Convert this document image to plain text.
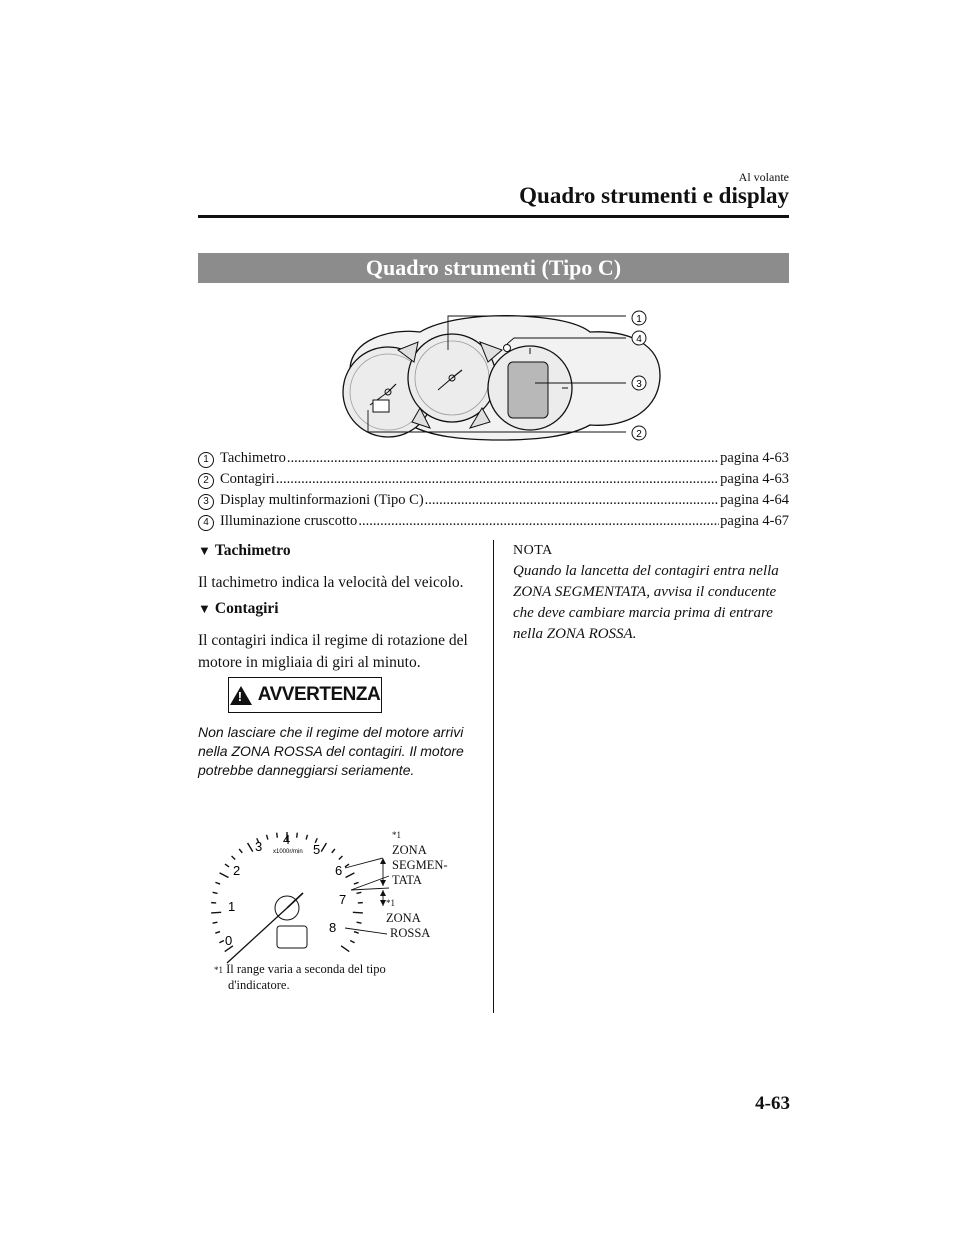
Al volante
Quadro strumenti e display
Quadro strumenti (Tipo C)
1
4
3
2
1 Tachimetro .....	pagina 4-63
2 Contagiri .....	pagina 4-63
3 Display multinformazioni (Tipo C) .....	pagina 4-64
4 Illuminazione cruscotto .....	pagina 4-67
▼ Tachimetro
Il tachimetro indica la velocità del veicolo.
▼ Contagiri
Il contagiri indica il regime di rotazione del motore in migliaia di giri al minuto.
! AVVERTENZA
Non lasciare che il regime del motore arrivi nella ZONA ROSSA del contagiri. Il motore potrebbe danneggiarsi seriamente.
0
1
2
3 4
5
6
7
8
x1000r/min
*1
ZONA
SEGMEN-
TATA
*1
ZONA
ROSSA
*1 Il range varia a seconda del tipo
d'indicatore.
NOTA
Quando la lancetta del contagiri entra nella ZONA SEGMENTATA, avvisa il conducente che deve cambiare marcia prima di entrare nella ZONA ROSSA.
4-63
